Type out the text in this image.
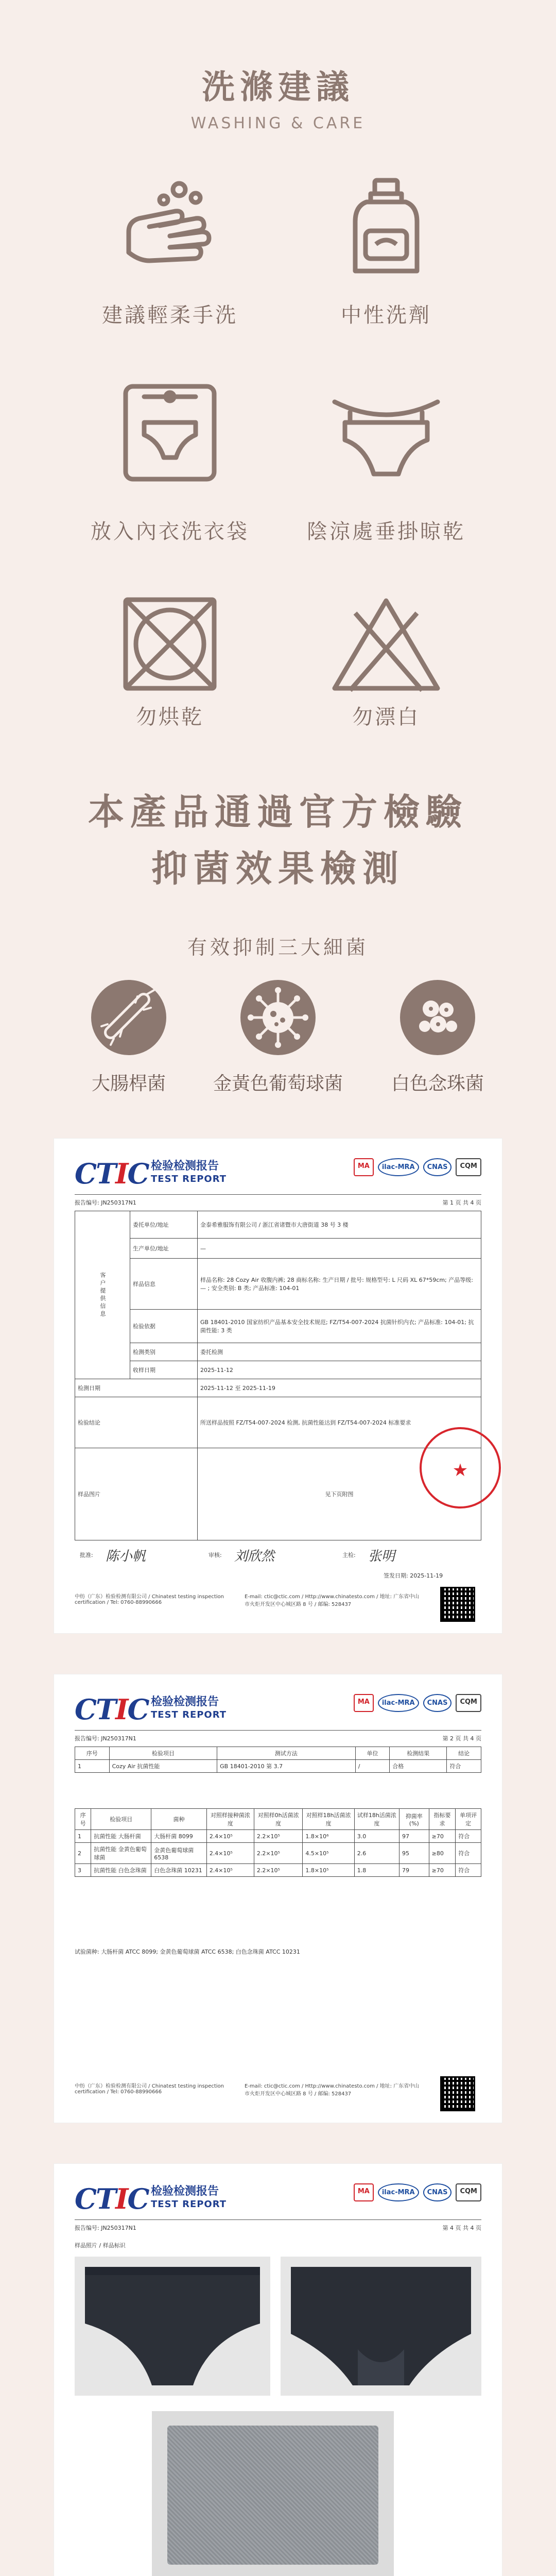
洗滌建議
WASHING & CARE
建議輕柔手洗	中性洗劑
放入內衣洗衣袋	陰涼處垂掛晾乾
勿烘乾	勿漂白
本產品通過官方檢驗
抑菌效果檢測
有效抑制三大細菌
大腸桿菌	金黃色葡萄球菌	白色念珠菌
CTIC 检验检测报告
TEST REPORT
MA	ilac-MRA	CNAS	CQM
报告编号: JN250317N1	第 1 页 共 4 页
客户提供信息	委托单位/地址	金泰希雅服饰有限公司 / 浙江省诸暨市大唐街道 38 号 3 楼
	生产单位/地址	—
	样品信息	样品名称: 28 Cozy Air 收腹内裤; 28 商标名称: 生产日期 / 批号: 规格型号: L 尺码 XL 67*59cm; 产品等级: — ; 安全类别: B 类; 产品标准: 104-01
	检验依据	GB 18401-2010 国家纺织产品基本安全技术规范; FZ/T54-007-2024 抗菌针织内衣; 产品标准: 104-01; 抗菌性能: 3 类
	检测类别	委托检测
	收样日期	2025-11-12
检测日期		2025-11-12 至 2025-11-19
检验结论		所送样品按照 FZ/T54-007-2024 检测, 抗菌性能达到 FZ/T54-007-2024 标准要求
样品图片		见下页附图
★
批准: 陈小帆	审核: 刘欣然	主检: 张明
签发日期: 2025-11-19
中纺（广东）检验检测有限公司 / Chinatest testing inspection certification / Tel: 0760-88990666
E-mail: ctic@ctic.com / Http://www.chinatesto.com / 地址: 广东省中山市火炬开发区中心城区路 8 号 / 邮编: 528437
CTIC 检验检测报告
TEST REPORT
MA	ilac-MRA	CNAS	CQM
报告编号: JN250317N1	第 2 页 共 4 页
序号	检验项目	测试方法	单位	检测结果	结论
1	Cozy Air 抗菌性能	GB 18401-2010 第 3.7	/	合格	符合
序号	检验项目	菌种	对照样接种菌浓度	对照样0h活菌浓度	对照样18h活菌浓度	试样18h活菌浓度	抑菌率(%)	指标要求	单项评定
1	抗菌性能 大肠杆菌	大肠杆菌 8099	2.4×10⁵	2.2×10⁵	1.8×10⁶	3.0	97	≥70	符合
2	抗菌性能 金黄色葡萄球菌	金黄色葡萄球菌 6538	2.4×10⁵	2.2×10⁵	4.5×10⁵	2.6	95	≥80	符合
3	抗菌性能 白色念珠菌	白色念珠菌 10231	2.4×10⁵	2.2×10⁵	1.8×10⁵	1.8	79	≥70	符合
试验菌种: 大肠杆菌 ATCC 8099; 金黄色葡萄球菌 ATCC 6538; 白色念珠菌 ATCC 10231
中纺（广东）检验检测有限公司 / Chinatest testing inspection certification / Tel: 0760-88990666
E-mail: ctic@ctic.com / Http://www.chinatesto.com / 地址: 广东省中山市火炬开发区中心城区路 8 号 / 邮编: 528437
CTIC 检验检测报告
TEST REPORT
MA	ilac-MRA	CNAS	CQM
报告编号: JN250317N1	第 4 页 共 4 页
样品照片 / 样品标识
